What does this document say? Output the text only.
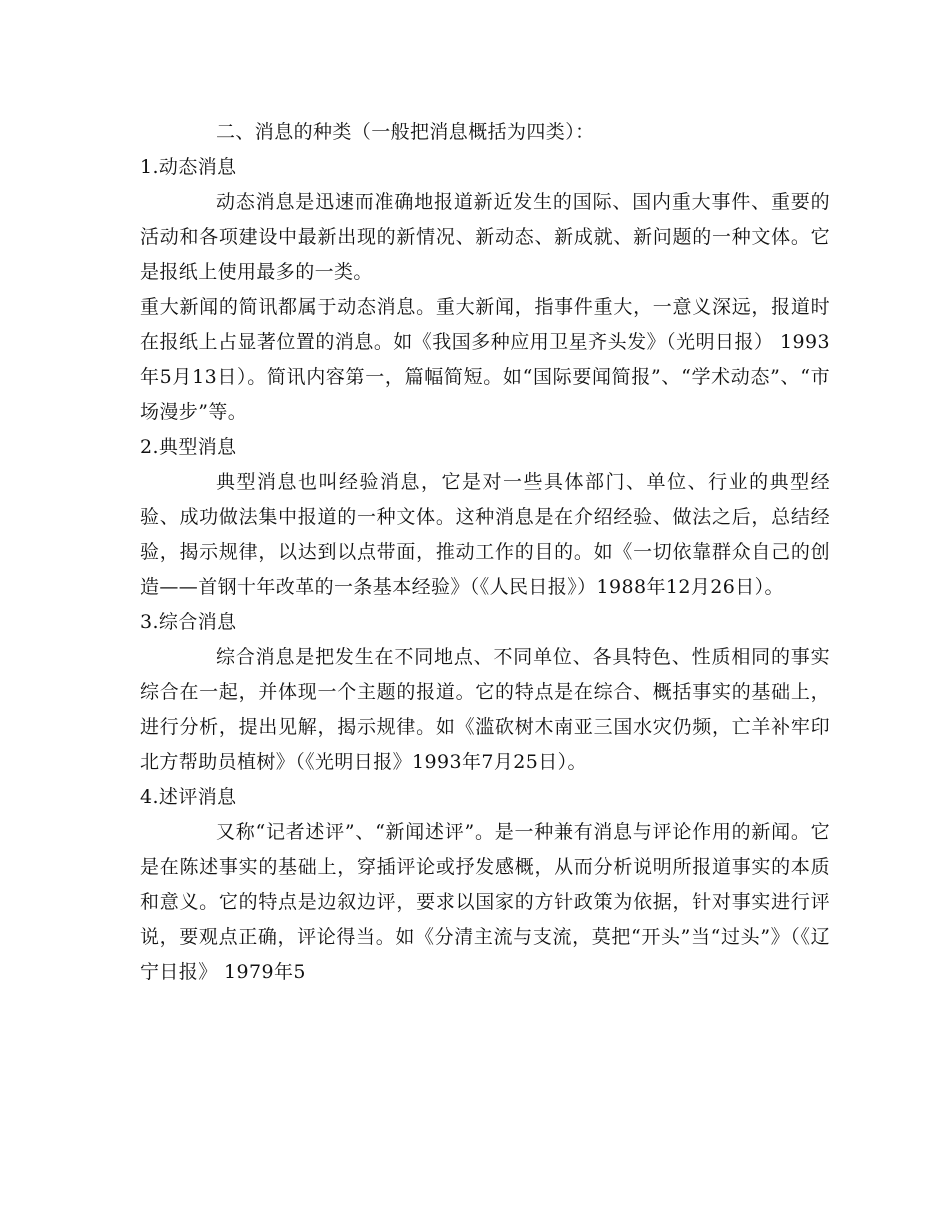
二、消息的种类（一般把消息概括为四类）：

1.动态消息

动态消息是迅速而准确地报道新近发生的国际、国内重大事件、重要的活动和各项建设中最新出现的新情况、新动态、新成就、新问题的一种文体。它是报纸上使用最多的一类。

重大新闻的简讯都属于动态消息。重大新闻，指事件重大，一意义深远，报道时在报纸上占显著位置的消息。如《我国多种应用卫星齐头发》（光明日报） 1993年5月13日）。简讯内容第一，篇幅简短。如“国际要闻简报”、“学术动态”、“市场漫步”等。

2.典型消息

典型消息也叫经验消息，它是对一些具体部门、单位、行业的典型经验、成功做法集中报道的一种文体。这种消息是在介绍经验、做法之后，总结经验，揭示规律，以达到以点带面，推动工作的目的。如《一切依靠群众自己的创造——首钢十年改革的一条基本经验》（《人民日报》）1988年12月26日）。

3.综合消息

综合消息是把发生在不同地点、不同单位、各具特色、性质相同的事实综合在一起，并体现一个主题的报道。它的特点是在综合、概括事实的基础上，进行分析，提出见解，揭示规律。如《滥砍树木南亚三国水灾仍频，亡羊补牢印北方帮助员植树》（《光明日报》1993年7月25日）。

4.述评消息

又称“记者述评”、“新闻述评”。是一种兼有消息与评论作用的新闻。它是在陈述事实的基础上，穿插评论或抒发感概，从而分析说明所报道事实的本质和意义。它的特点是边叙边评，要求以国家的方针政策为依据，针对事实进行评说，要观点正确，评论得当。如《分清主流与支流，莫把“开头”当“过头”》（《辽宁日报》 1979年5
